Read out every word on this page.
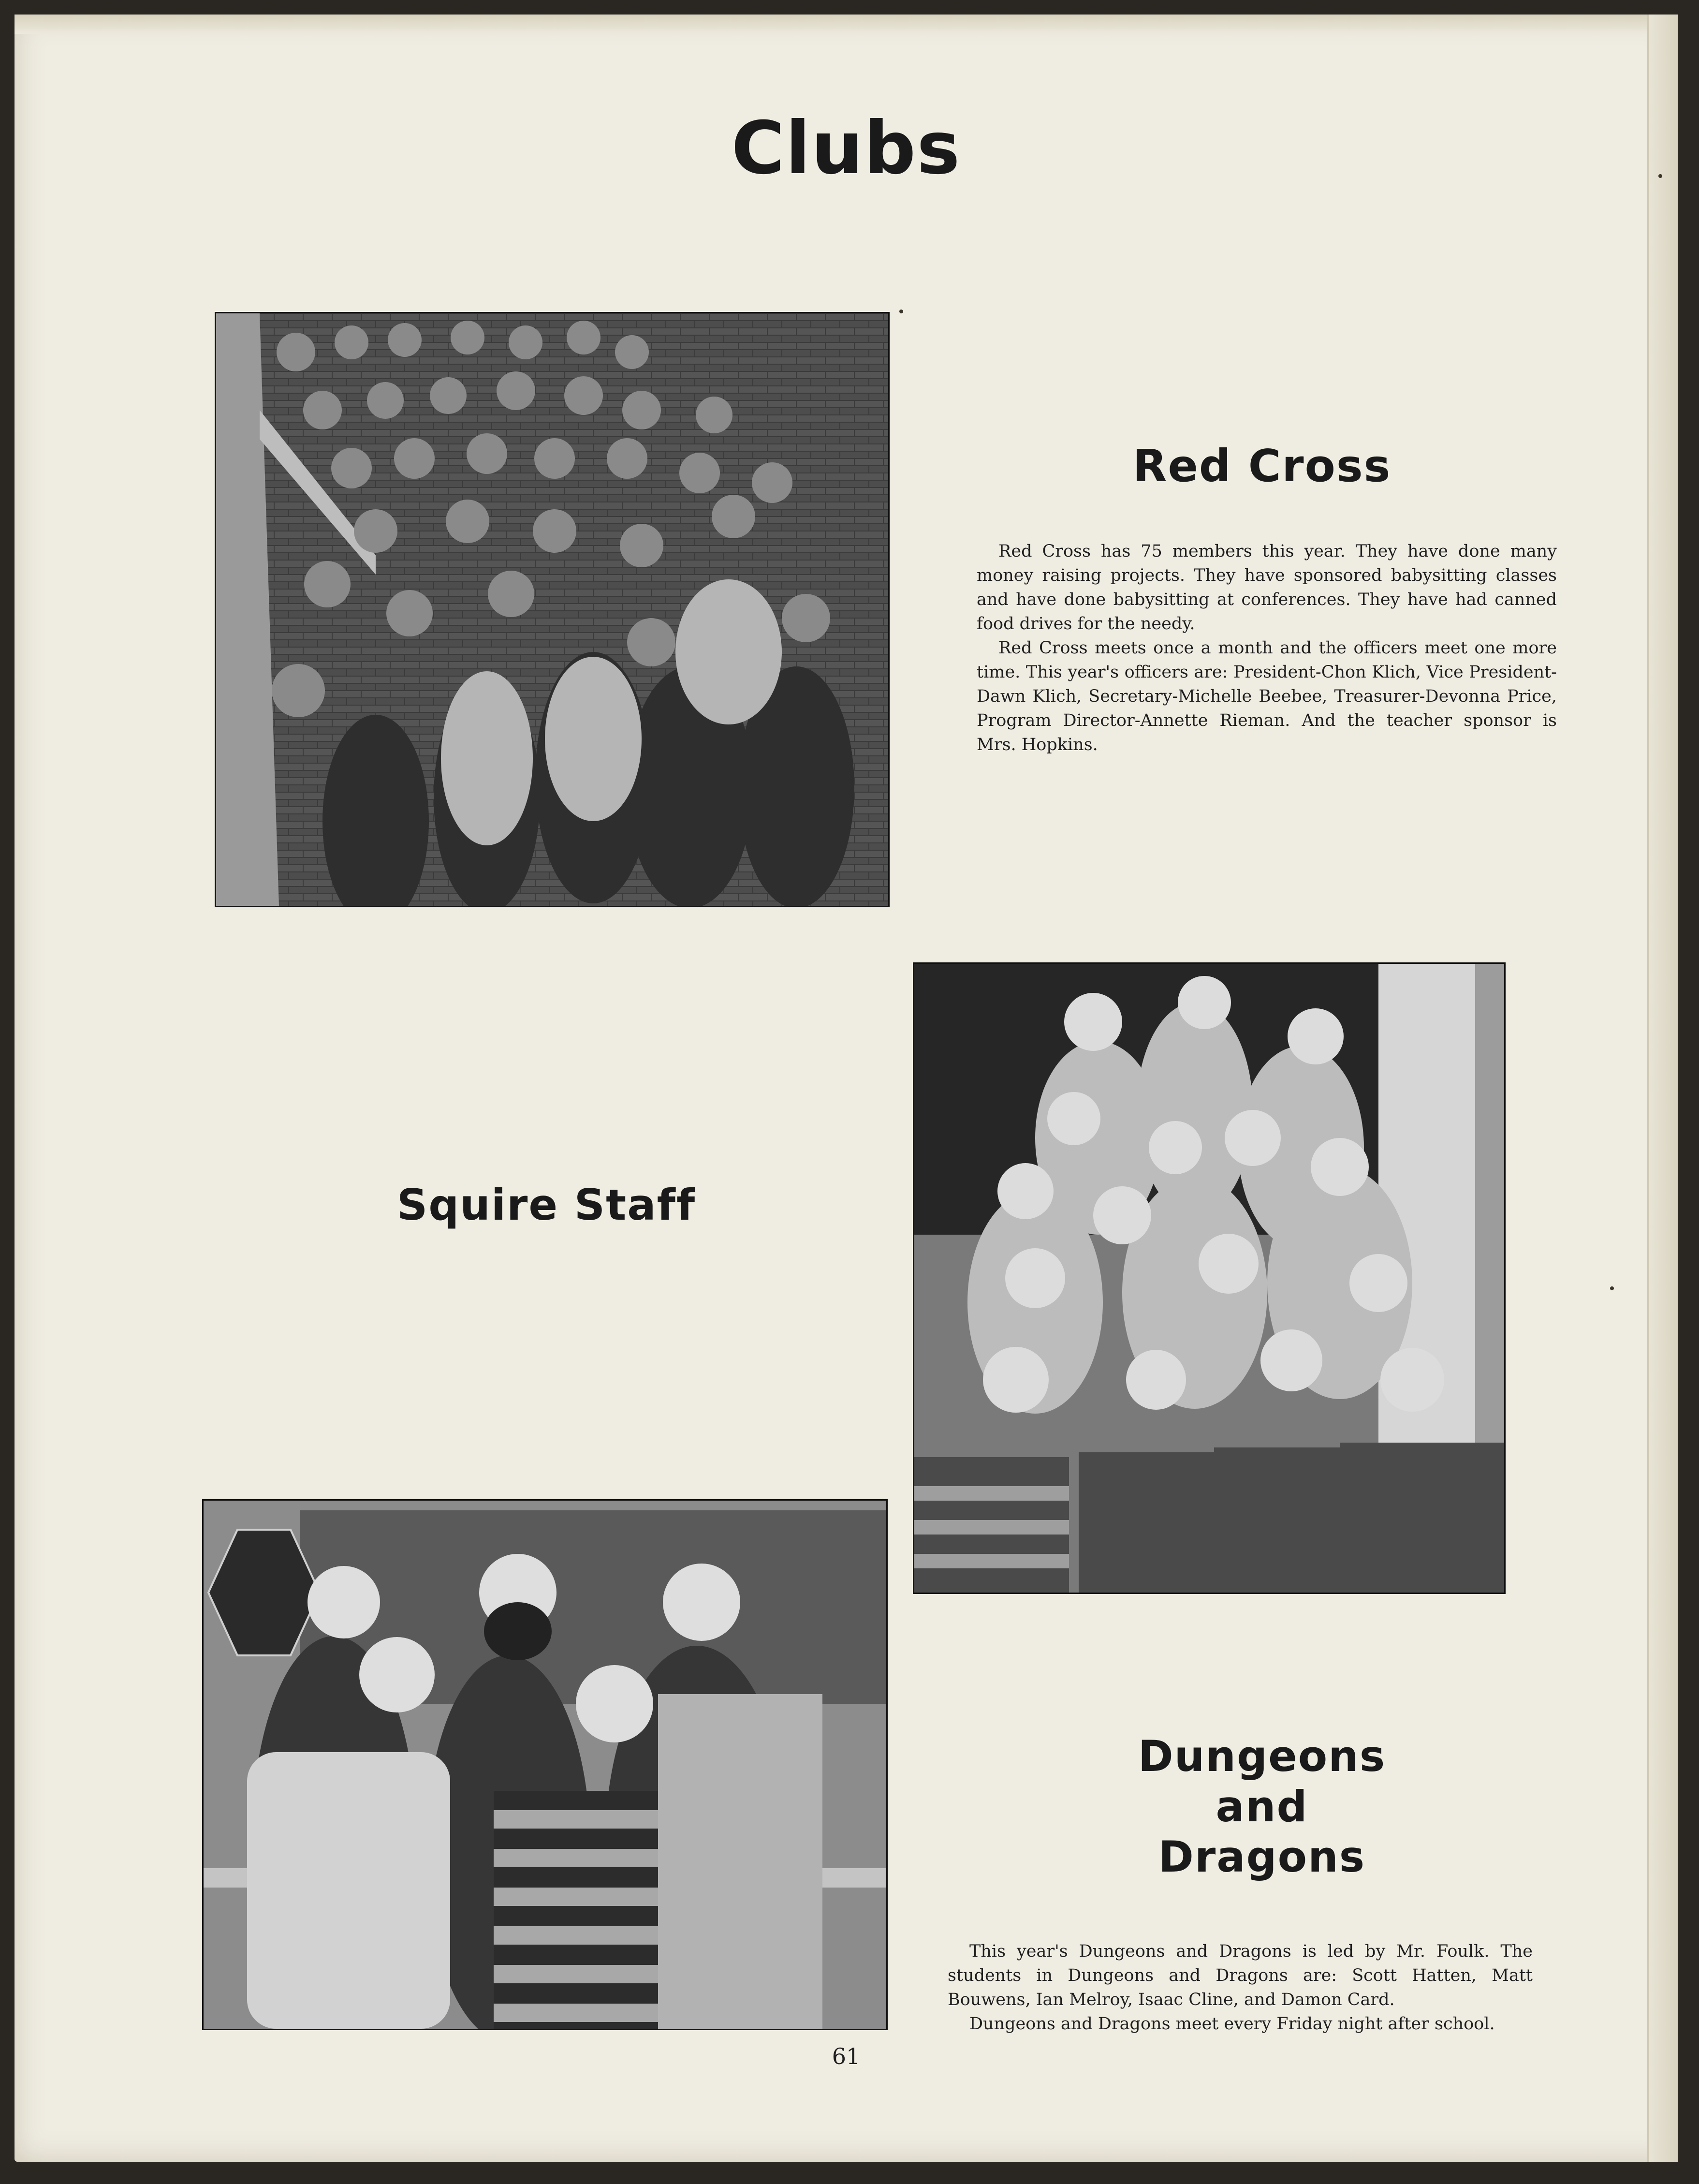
Clubs
Red Cross

Red Cross has 75 members this year. They have done many money raising projects. They have sponsored babysitting classes and have done babysitting at conferences. They have had canned food drives for the needy.

Red Cross meets once a month and the officers meet one more time. This year's officers are: President-Chon Klich, Vice President-Dawn Klich, Secretary-Michelle Beebee, Treasurer-Devonna Price, Program Director-Annette Rieman. And the teacher sponsor is Mrs. Hopkins.

Squire Staff
Dungeons
and
Dragons

This year's Dungeons and Dragons is led by Mr. Foulk. The students in Dungeons and Dragons are: Scott Hatten, Matt Bouwens, Ian Melroy, Isaac Cline, and Damon Card.

Dungeons and Dragons meet every Friday night after school.

61
